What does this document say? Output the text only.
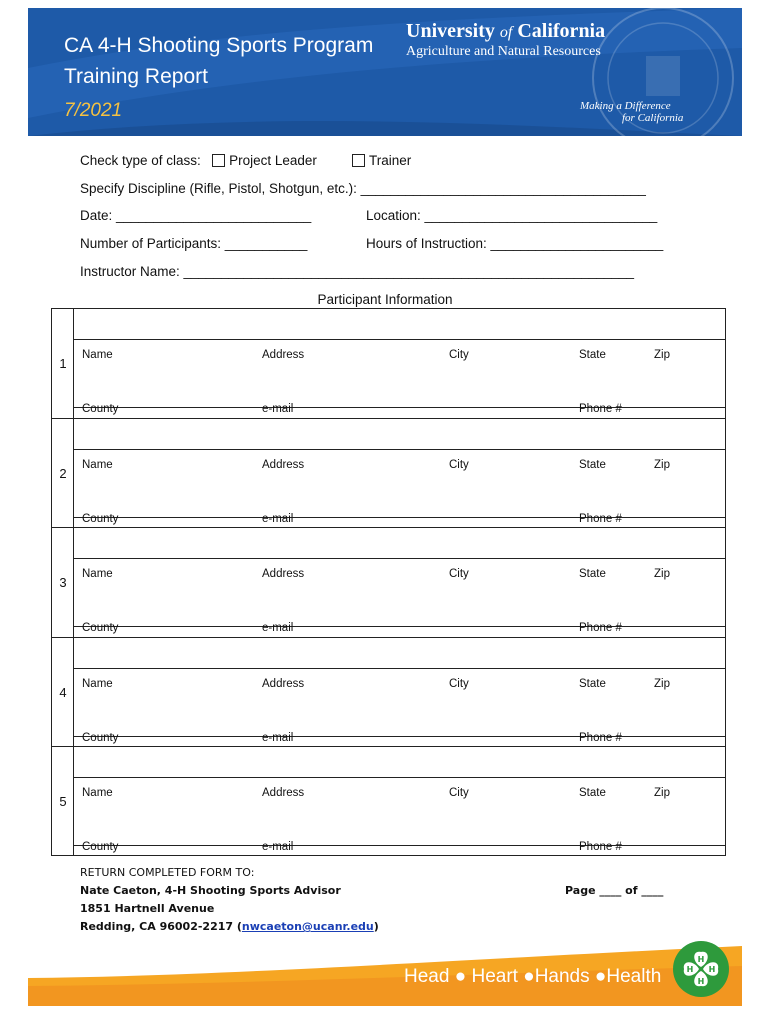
CA 4-H Shooting Sports Program
Training Report
7/2021
University of California
Agriculture and Natural Resources
Making a Difference
for California
Check type of class: Project Leader	Trainer
Specify Discipline (Rifle, Pistol, Shotgun, etc.): ______________________________________
Date: __________________________	Location: _______________________________
Number of Participants: ___________	Hours of Instruction: _______________________
Instructor Name: ____________________________________________________________
Participant Information
1
Name	Address	City	State	Zip
County	e-mail	Phone #
2
Name	Address	City	State	Zip
County	e-mail	Phone #
3
Name	Address	City	State	Zip
County	e-mail	Phone #
4
Name	Address	City	State	Zip
County	e-mail	Phone #
5
Name	Address	City	State	Zip
County	e-mail	Phone #
RETURN COMPLETED FORM TO:
Nate Caeton, 4-H Shooting Sports Advisor
1851 Hartnell Avenue
Redding, CA 96002-2217 (nwcaeton@ucanr.edu)
Page ____ of ____
Head ● Heart ●Hands ●Health
H
H
H H
